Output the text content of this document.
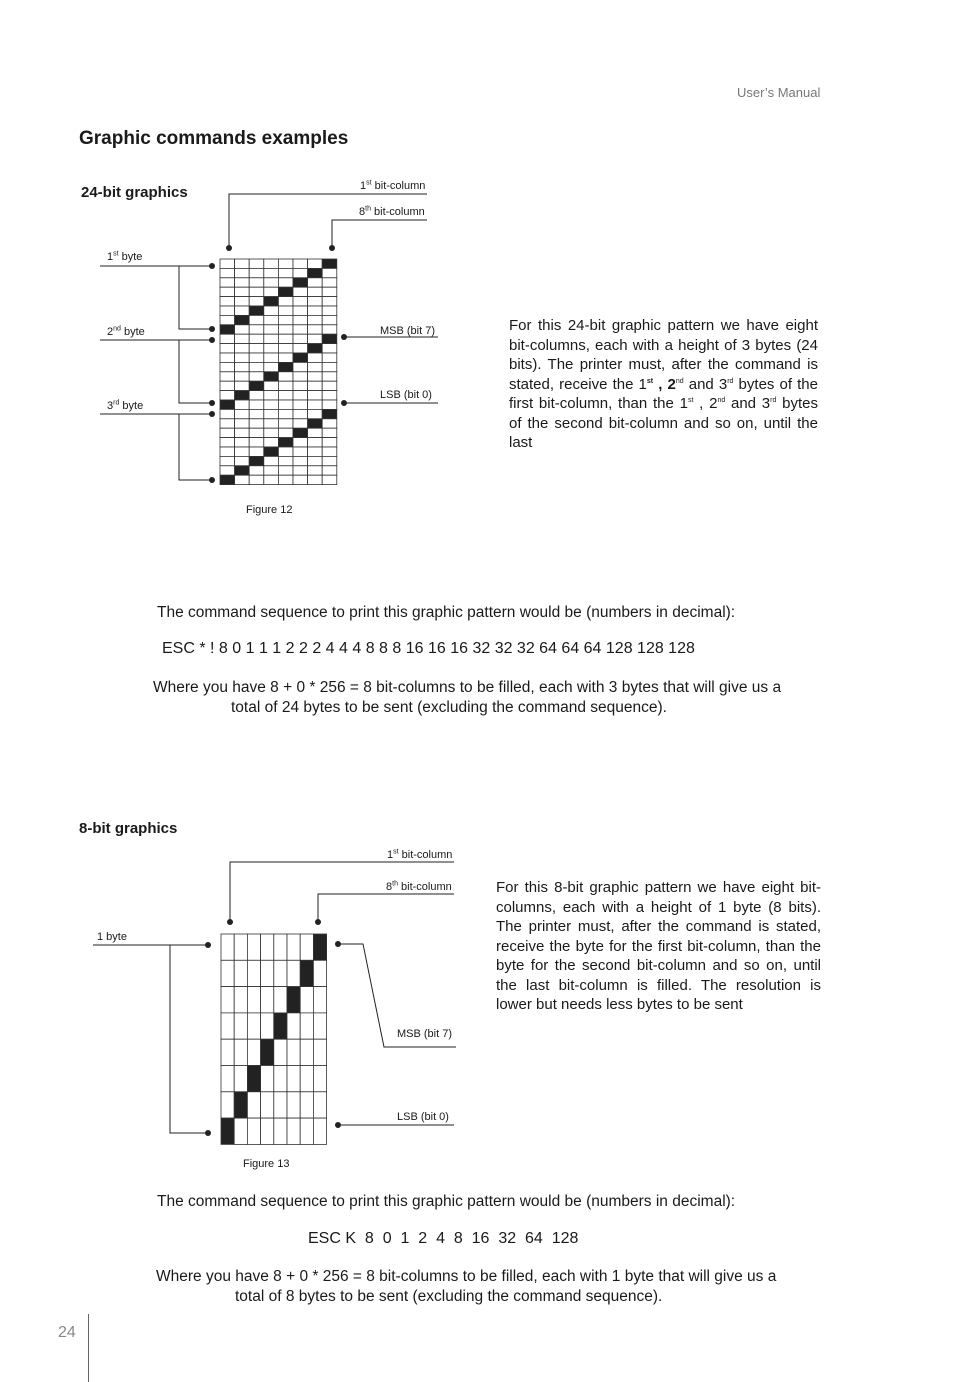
User’s Manual
Graphic commands examples
24-bit graphics	1st bit-column
8th bit-column
1st byte
2nd byte
3rd byte
MSB (bit 7)
LSB (bit 0)
Figure 12
For this 24-bit graphic pattern we have eight bit-columns, each with a height of 3 bytes (24 bits). The printer must, after the command is stated, receive the 1st , 2nd and 3rd bytes of the first bit-column, than the 1st , 2nd and 3rd bytes of the second bit-column and so on, until the last
The command sequence to print this graphic pattern would be (numbers in decimal):
ESC * ! 8 0 1 1 1 2 2 2 4 4 4 8 8 8 16 16 16 32 32 32 64 64 64 128 128 128
Where you have 8 + 0 * 256 = 8 bit-columns to be filled, each with 3 bytes that will give us a
total of 24 bytes to be sent (excluding the command sequence).
8-bit graphics
1st bit-column
8th bit-column
1 byte
MSB (bit 7)
LSB (bit 0)
Figure 13
For this 8-bit graphic pattern we have eight bit-columns, each with a height of 1 byte (8 bits). The printer must, after the command is stated, receive the byte for the first bit-column, than the byte for the second bit-column and so on, until the last bit-column is filled. The resolution is lower but needs less bytes to be sent
The command sequence to print this graphic pattern would be (numbers in decimal):
ESC K  8  0  1  2  4  8  16  32  64  128
Where you have 8 + 0 * 256 = 8 bit-columns to be filled, each with 1 byte that will give us a
total of 8 bytes to be sent (excluding the command sequence).
24
